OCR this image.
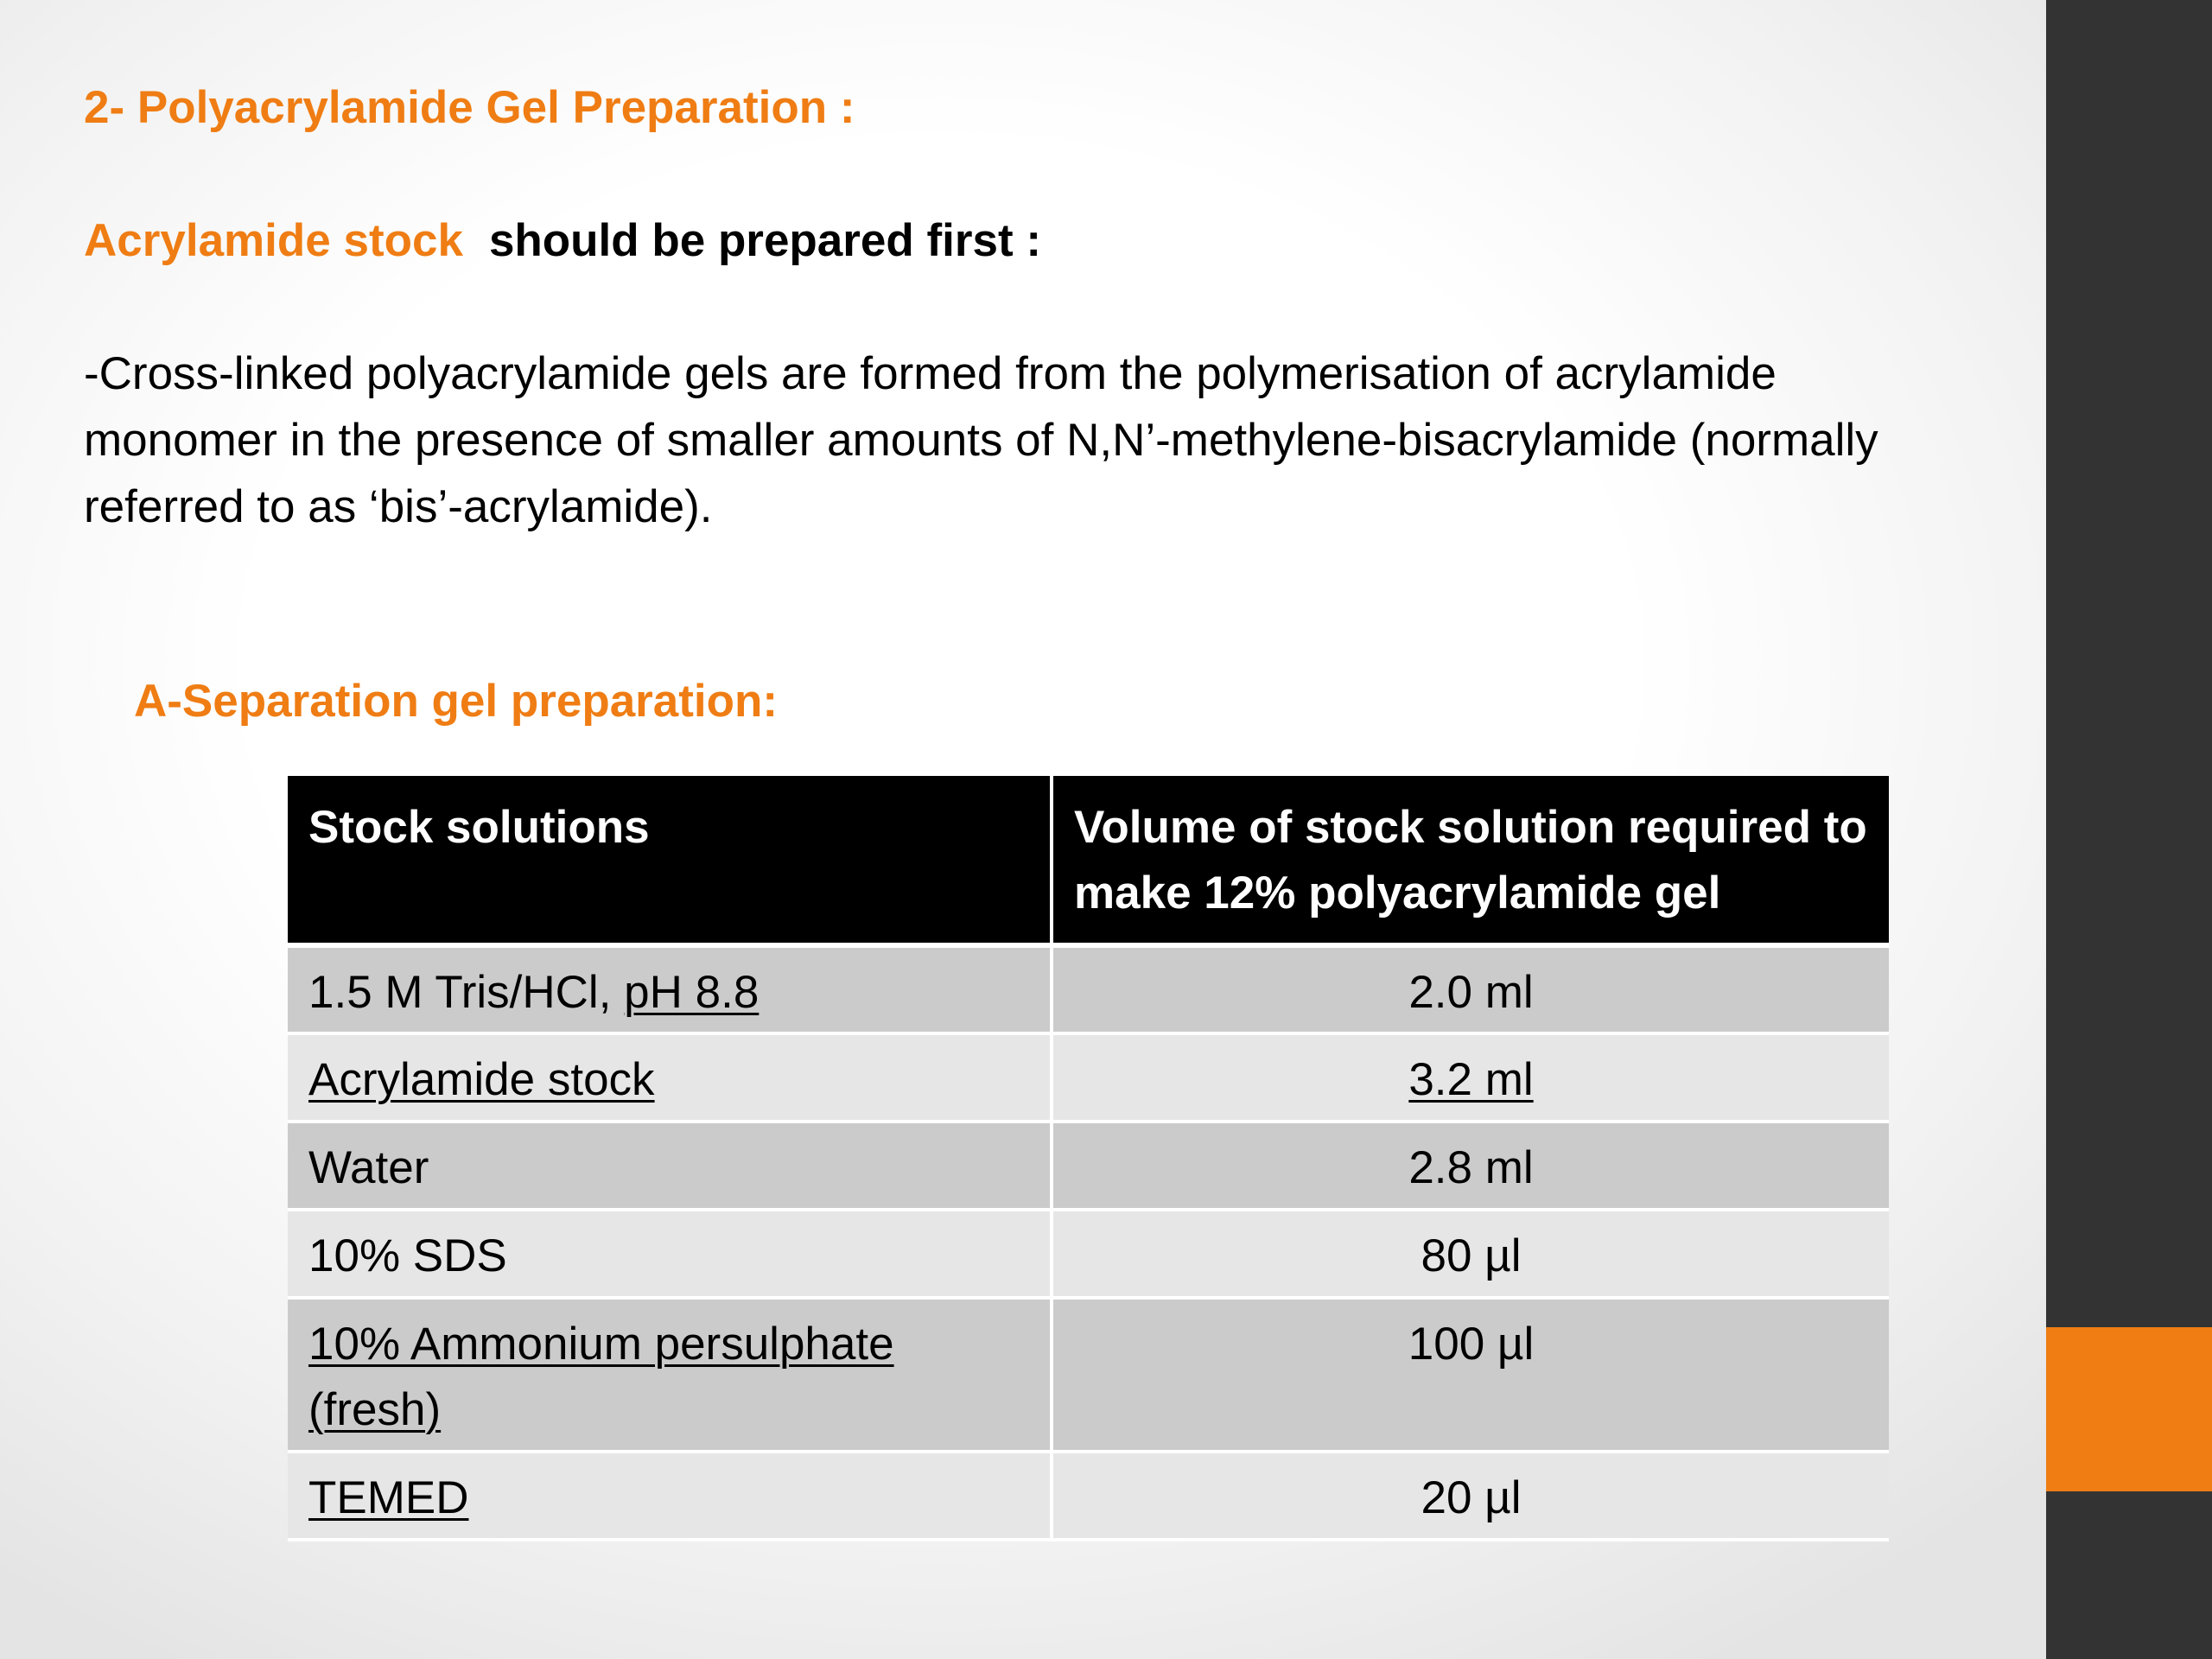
2- Polyacrylamide Gel Preparation :

Acrylamide stock should be prepared first :

-Cross-linked polyacrylamide gels are formed from the polymerisation of acrylamide monomer in the presence of smaller amounts of N,N’-methylene-bisacrylamide (normally referred to as ‘bis’-acrylamide).

A-Separation gel preparation:
Stock solutions	Volume of stock solution required to make 12% polyacrylamide gel
1.5 M Tris/HCl, pH 8.8	2.0 ml
Acrylamide stock	3.2 ml
Water	2.8 ml
10% SDS	80 µl
10% Ammonium persulphate (fresh)	100 µl
TEMED	20 µl
